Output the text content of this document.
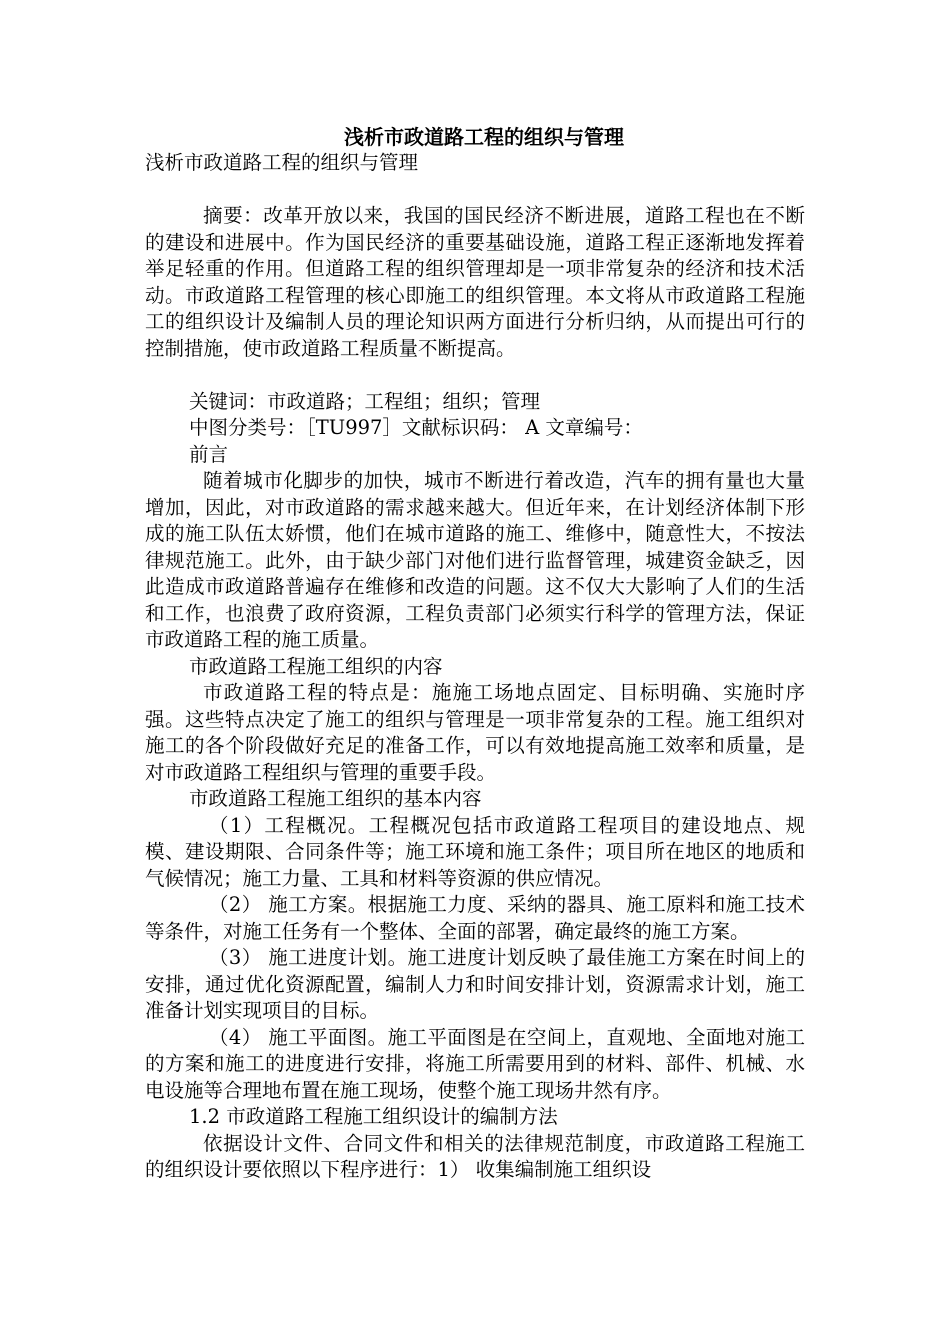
浅析市政道路工程的组织与管理

浅析市政道路工程的组织与管理

摘要：改革开放以来，我国的国民经济不断进展，道路工程也在不断的建设和进展中。作为国民经济的重要基础设施，道路工程正逐渐地发挥着举足轻重的作用。但道路工程的组织管理却是一项非常复杂的经济和技术活动。市政道路工程管理的核心即施工的组织管理。本文将从市政道路工程施工的组织设计及编制人员的理论知识两方面进行分析归纳，从而提出可行的控制措施，使市政道路工程质量不断提高。

关键词：市政道路；工程组；组织；管理

中图分类号：［TU997］文献标识码： A 文章编号：

前言

随着城市化脚步的加快，城市不断进行着改造，汽车的拥有量也大量增加，因此，对市政道路的需求越来越大。但近年来，在计划经济体制下形成的施工队伍太娇惯，他们在城市道路的施工、维修中，随意性大，不按法律规范施工。此外，由于缺少部门对他们进行监督管理，城建资金缺乏，因此造成市政道路普遍存在维修和改造的问题。这不仅大大影响了人们的生活和工作，也浪费了政府资源，工程负责部门必须实行科学的管理方法，保证市政道路工程的施工质量。

市政道路工程施工组织的内容

市政道路工程的特点是：施施工场地点固定、目标明确、实施时序强。这些特点决定了施工的组织与管理是一项非常复杂的工程。施工组织对施工的各个阶段做好充足的准备工作，可以有效地提高施工效率和质量，是对市政道路工程组织与管理的重要手段。

市政道路工程施工组织的基本内容

（1）工程概况。工程概况包括市政道路工程项目的建设地点、规模、建设期限、合同条件等；施工环境和施工条件；项目所在地区的地质和气候情况；施工力量、工具和材料等资源的供应情况。

（2） 施工方案。根据施工力度、采纳的器具、施工原料和施工技术等条件，对施工任务有一个整体、全面的部署，确定最终的施工方案。

（3） 施工进度计划。施工进度计划反映了最佳施工方案在时间上的安排，通过优化资源配置，编制人力和时间安排计划，资源需求计划，施工准备计划实现项目的目标。

（4） 施工平面图。施工平面图是在空间上，直观地、全面地对施工的方案和施工的进度进行安排，将施工所需要用到的材料、部件、机械、水电设施等合理地布置在施工现场，使整个施工现场井然有序。

1.2 市政道路工程施工组织设计的编制方法

依据设计文件、合同文件和相关的法律规范制度，市政道路工程施工的组织设计要依照以下程序进行：1） 收集编制施工组织设
